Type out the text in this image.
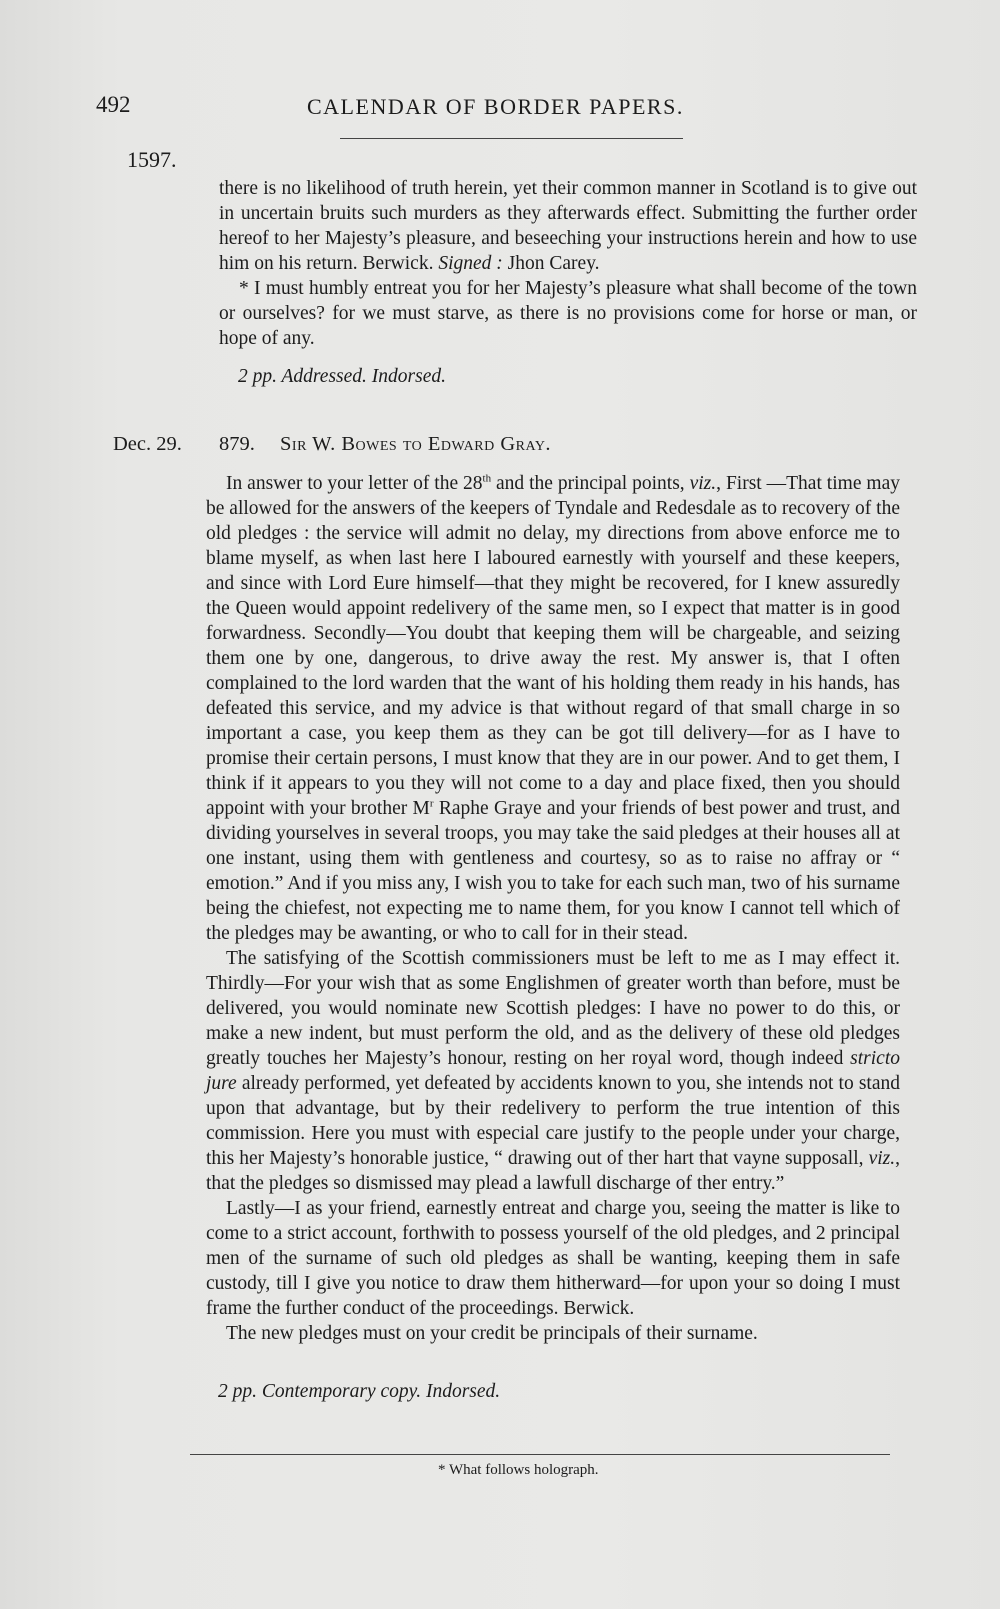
492	CALENDAR OF BORDER PAPERS.
1597.

there is no likelihood of truth herein, yet their common manner in Scotland is to give out in uncertain bruits such murders as they afterwards effect. Submitting the further order hereof to her Majesty’s pleasure, and beseeching your instructions herein and how to use him on his return. Berwick. Signed : Jhon Carey.

* I must humbly entreat you for her Majesty’s pleasure what shall become of the town or ourselves? for we must starve, as there is no provisions come for horse or man, or hope of any.

2 pp. Addressed. Indorsed.
Dec. 29. 879. Sir W. Bowes to Edward Gray.

In answer to your letter of the 28th and the principal points, viz., First —That time may be allowed for the answers of the keepers of Tyndale and Redesdale as to recovery of the old pledges : the service will admit no delay, my directions from above enforce me to blame myself, as when last here I laboured earnestly with yourself and these keepers, and since with Lord Eure himself—that they might be recovered, for I knew assuredly the Queen would appoint redelivery of the same men, so I expect that matter is in good forwardness. Secondly—You doubt that keeping them will be chargeable, and seizing them one by one, dangerous, to drive away the rest. My answer is, that I often complained to the lord warden that the want of his holding them ready in his hands, has defeated this service, and my advice is that without regard of that small charge in so important a case, you keep them as they can be got till delivery—for as I have to promise their certain persons, I must know that they are in our power. And to get them, I think if it appears to you they will not come to a day and place fixed, then you should appoint with your brother $M^r$ Raphe Graye and your friends of best power and trust, and dividing yourselves in several troops, you may take the said pledges at their houses all at one instant, using them with gentleness and courtesy, so as to raise no affray or “ emotion.” And if you miss any, I wish you to take for each such man, two of his surname being the chiefest, not expecting me to name them, for you know I cannot tell which of the pledges may be awanting, or who to call for in their stead.

The satisfying of the Scottish commissioners must be left to me as I may effect it. Thirdly—For your wish that as some Englishmen of greater worth than before, must be delivered, you would nominate new Scottish pledges: I have no power to do this, or make a new indent, but must perform the old, and as the delivery of these old pledges greatly touches her Majesty’s honour, resting on her royal word, though indeed stricto jure already performed, yet defeated by accidents known to you, she intends not to stand upon that advantage, but by their redelivery to perform the true intention of this commission. Here you must with especial care justify to the people under your charge, this her Majesty’s honorable justice, “ drawing out of ther hart that vayne supposall, viz., that the pledges so dismissed may plead a lawfull discharge of ther entry.”

Lastly—I as your friend, earnestly entreat and charge you, seeing the matter is like to come to a strict account, forthwith to possess yourself of the old pledges, and 2 principal men of the surname of such old pledges as shall be wanting, keeping them in safe custody, till I give you notice to draw them hitherward—for upon your so doing I must frame the further conduct of the proceedings. Berwick.

The new pledges must on your credit be principals of their surname.

2 pp. Contemporary copy. Indorsed.
* What follows holograph.
